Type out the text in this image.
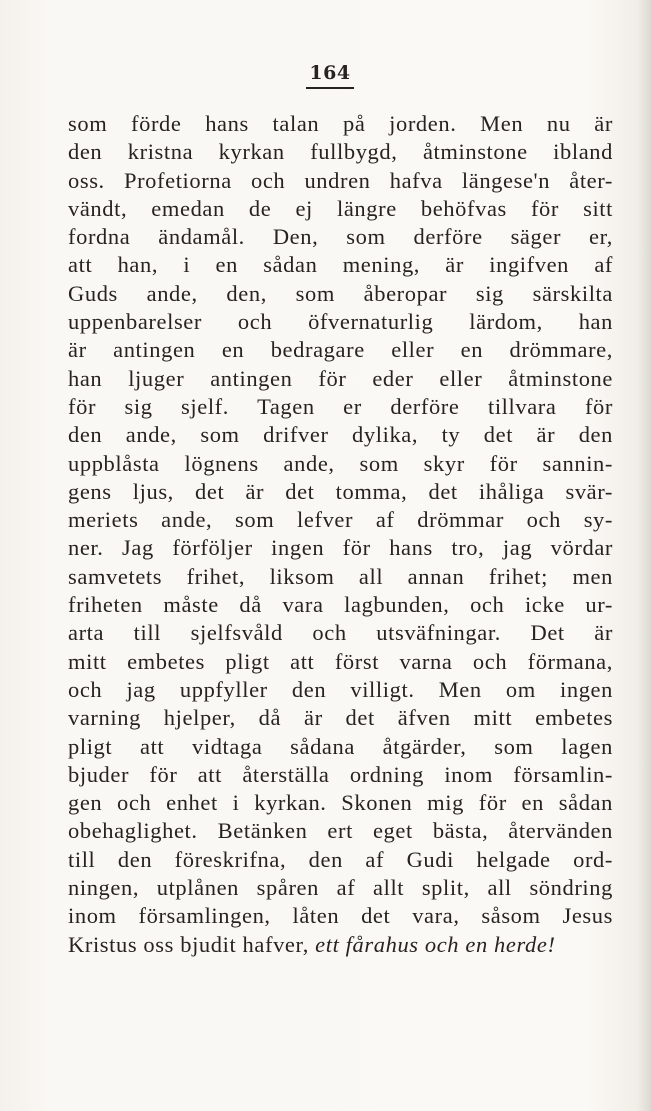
164
som förde hans talan på jorden. Men nu är
den kristna kyrkan fullbygd, åtminstone ibland
oss. Profetiorna och undren hafva längese'n åter-
vändt, emedan de ej längre behöfvas för sitt
fordna ändamål. Den, som derföre säger er,
att han, i en sådan mening, är ingifven af
Guds ande, den, som åberopar sig särskilta
uppenbarelser och öfvernaturlig lärdom, han
är antingen en bedragare eller en drömmare,
han ljuger antingen för eder eller åtminstone
för sig sjelf. Tagen er derföre tillvara för
den ande, som drifver dylika, ty det är den
uppblåsta lögnens ande, som skyr för sannin-
gens ljus, det är det tomma, det ihåliga svär-
meriets ande, som lefver af drömmar och sy-
ner. Jag förföljer ingen för hans tro, jag vördar
samvetets frihet, liksom all annan frihet; men
friheten måste då vara lagbunden, och icke ur-
arta till sjelfsvåld och utsväfningar. Det är
mitt embetes pligt att först varna och förmana,
och jag uppfyller den villigt. Men om ingen
varning hjelper, då är det äfven mitt embetes
pligt att vidtaga sådana åtgärder, som lagen
bjuder för att återställa ordning inom församlin-
gen och enhet i kyrkan. Skonen mig för en sådan
obehaglighet. Betänken ert eget bästa, återvänden
till den föreskrifna, den af Gudi helgade ord-
ningen, utplånen spåren af allt split, all söndring
inom församlingen, låten det vara, såsom Jesus
Kristus oss bjudit hafver, ett fårahus och en herde!
